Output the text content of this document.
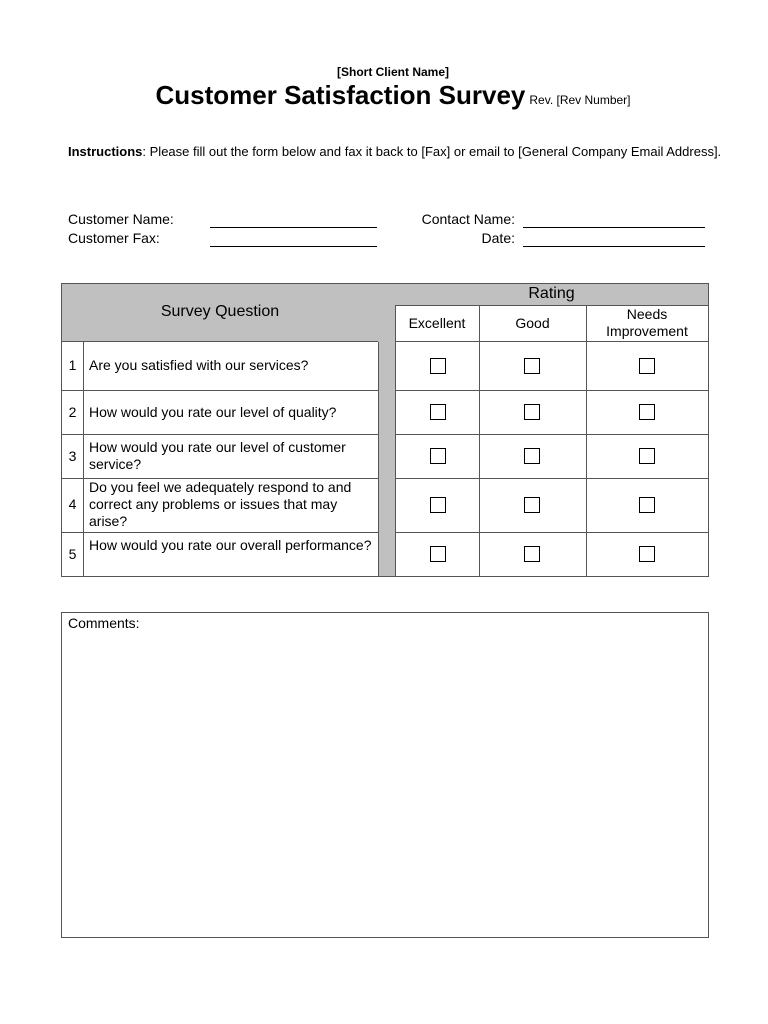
[Short Client Name]
Customer Satisfaction Survey Rev. [Rev Number]
Instructions: Please fill out the form below and fax it back to [Fax] or email to [General Company Email Address].
Customer Name:
Customer Fax:
Contact Name:
Date:
Survey Question
Rating
Excellent	Good
Needs Improvement
1 Are you satisfied with our services?
2 How would you rate our level of quality?
3
How would you rate our level of customer service?
4
Do you feel we adequately respond to and correct any problems or issues that may arise?
5
How would you rate our overall performance?
Comments:
